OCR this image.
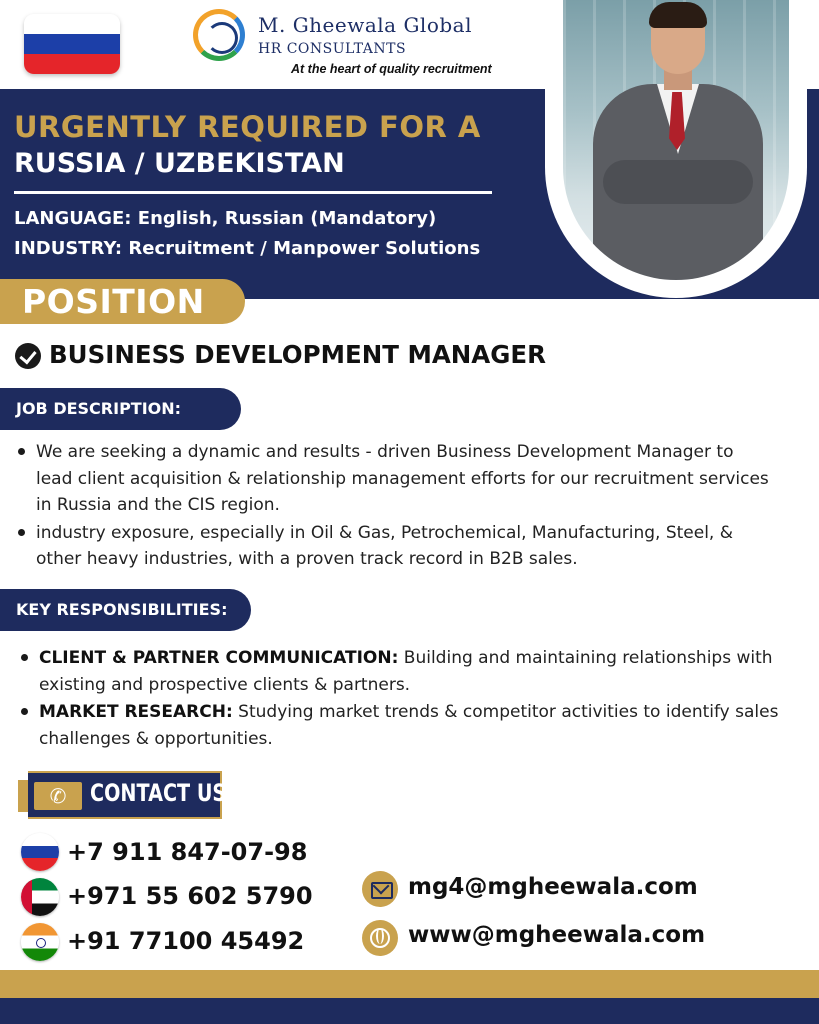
M. Gheewala Global
HR CONSULTANTS
At the heart of quality recruitment
URGENTLY REQUIRED FOR A
RUSSIA / UZBEKISTAN
LANGUAGE: English, Russian (Mandatory)
INDUSTRY: Recruitment / Manpower Solutions
POSITION
BUSINESS DEVELOPMENT MANAGER
JOB DESCRIPTION:
We are seeking a dynamic and results - driven Business Development Manager to lead client acquisition & relationship management efforts for our recruitment services in Russia and the CIS region.
industry exposure, especially in Oil & Gas, Petrochemical, Manufacturing, Steel, & other heavy industries, with a proven track record in B2B sales.
KEY RESPONSIBILITIES:
CLIENT & PARTNER COMMUNICATION: Building and maintaining relationships with existing and prospective clients & partners.
MARKET RESEARCH: Studying market trends & competitor activities to identify sales challenges & opportunities.
✆ CONTACT US
+7 911 847-07-98
+971 55 602 5790
+91 77100 45492
mg4@mgheewala.com
www@mgheewala.com
